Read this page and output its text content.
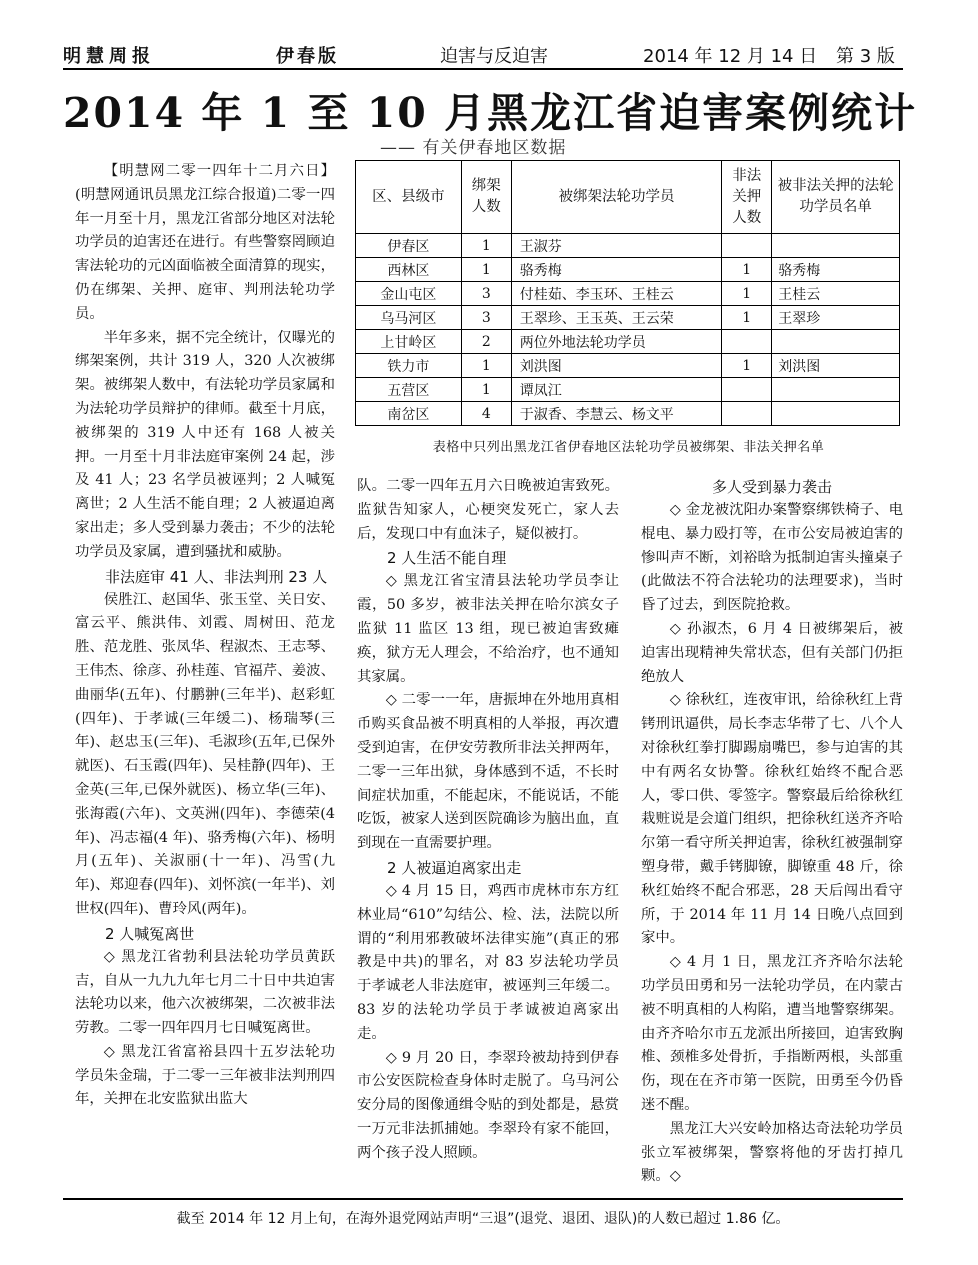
明慧周报	伊春版	迫害与反迫害	2014 年 12 月 14 日 第 3 版
2014 年 1 至 10 月黑龙江省迫害案例统计
—— 有关伊春地区数据

【明慧网二零一四年十二月六日】(明慧网通讯员黑龙江综合报道)二零一四年一月至十月，黑龙江省部分地区对法轮功学员的迫害还在进行。有些警察罔顾迫害法轮功的元凶面临被全面清算的现实，仍在绑架、关押、庭审、判刑法轮功学员。

半年多来，据不完全统计，仅曝光的绑架案例，共计 319 人，320 人次被绑架。被绑架人数中，有法轮功学员家属和为法轮功学员辩护的律师。截至十月底，被绑架的 319 人中还有 168 人被关押。一月至十月非法庭审案例 24 起，涉及 41 人；23 名学员被诬判；2 人喊冤离世；2 人生活不能自理；2 人被逼迫离家出走；多人受到暴力袭击；不少的法轮功学员及家属，遭到骚扰和威胁。

非法庭审 41 人、非法判刑 23 人

侯胜江、赵国华、张玉堂、关日安、富云平、熊洪伟、刘霞、周树田、范龙胜、范龙胜、张凤华、程淑杰、王志琴、王伟杰、徐彦、孙桂莲、官福芹、姜波、曲丽华(五年)、付鹏翀(三年半)、赵彩虹(四年)、于孝诚(三年缓二)、杨瑞琴(三年)、赵忠玉(三年)、毛淑珍(五年,已保外就医)、石玉霞(四年)、吴桂静(四年)、王金英(三年,已保外就医)、杨立华(三年)、张海霞(六年)、文英洲(四年)、李德荣(4 年)、冯志福(4 年)、骆秀梅(六年)、杨明月(五年)、关淑丽(十一年)、冯雪(九年)、郑迎春(四年)、刘怀滨(一年半)、刘世权(四年)、曹玲风(两年)。

2 人喊冤离世

◇ 黑龙江省勃利县法轮功学员黄跃吉，自从一九九九年七月二十日中共迫害法轮功以来，他六次被绑架，二次被非法劳教。二零一四年四月七日喊冤离世。

◇ 黑龙江省富裕县四十五岁法轮功学员朱金瑞，于二零一三年被非法判刑四年，关押在北安监狱出监大

区、县级市	绑架人数	被绑架法轮功学员	非法关押人数	被非法关押的法轮功学员名单
伊春区	1	王淑芬		
西林区	1	骆秀梅	1	骆秀梅
金山屯区	3	付桂茹、李玉环、王桂云	1	王桂云
乌马河区	3	王翠珍、王玉英、王云荣	1	王翠珍
上甘岭区	2	两位外地法轮功学员		
铁力市	1	刘洪图	1	刘洪图
五营区	1	谭凤江		
南岔区	4	于淑香、李慧云、杨文平		
表格中只列出黑龙江省伊春地区法轮功学员被绑架、非法关押名单

队。二零一四年五月六日晚被迫害致死。监狱告知家人，心梗突发死亡，家人去后，发现口中有血沫子，疑似被打。

2 人生活不能自理

◇ 黑龙江省宝清县法轮功学员李让霞，50 多岁，被非法关押在哈尔滨女子监狱 11 监区 13 组，现已被迫害致瘫痪，狱方无人理会，不给治疗，也不通知其家属。

◇ 二零一一年，唐振坤在外地用真相币购买食品被不明真相的人举报，再次遭受到迫害，在伊安劳教所非法关押两年，二零一三年出狱，身体感到不适，不长时间症状加重，不能起床，不能说话，不能吃饭，被家人送到医院确诊为脑出血，直到现在一直需要护理。

2 人被逼迫离家出走

◇ 4 月 15 日，鸡西市虎林市东方红林业局“610”勾结公、检、法，法院以所谓的“利用邪教破坏法律实施”(真正的邪教是中共)的罪名，对 83 岁法轮功学员于孝诚老人非法庭审，被诬判三年缓二。83 岁的法轮功学员于孝诚被迫离家出走。

◇ 9 月 20 日，李翠玲被劫持到伊春市公安医院检查身体时走脱了。乌马河公安分局的图像通缉令贴的到处都是，悬赏一万元非法抓捕她。李翠玲有家不能回，两个孩子没人照顾。

多人受到暴力袭击

◇ 金龙被沈阳办案警察绑铁椅子、电棍电、暴力殴打等，在市公安局被迫害的惨叫声不断，刘裕晗为抵制迫害头撞桌子(此做法不符合法轮功的法理要求)，当时昏了过去，到医院抢救。

◇ 孙淑杰，6 月 4 日被绑架后，被迫害出现精神失常状态，但有关部门仍拒绝放人

◇ 徐秋红，连夜审讯，给徐秋红上背铐刑讯逼供，局长李志华带了七、八个人对徐秋红拳打脚踢扇嘴巴，参与迫害的其中有两名女协警。徐秋红始终不配合恶人，零口供、零签字。警察最后给徐秋红栽赃说是会道门组织，把徐秋红送齐齐哈尔第一看守所关押迫害，徐秋红被强制穿塑身带，戴手铐脚镣，脚镣重 48 斤，徐秋红始终不配合邪恶，28 天后闯出看守所，于 2014 年 11 月 14 日晚八点回到家中。

◇ 4 月 1 日，黑龙江齐齐哈尔法轮功学员田勇和另一法轮功学员，在内蒙古被不明真相的人构陷，遭当地警察绑架。由齐齐哈尔市五龙派出所接回，迫害致胸椎、颈椎多处骨折，手指断两根，头部重伤，现在在齐市第一医院，田勇至今仍昏迷不醒。

黑龙江大兴安岭加格达奇法轮功学员张立军被绑架，警察将他的牙齿打掉几颗。◇

截至 2014 年 12 月上旬，在海外退党网站声明“三退”(退党、退团、退队)的人数已超过 1.86 亿。
